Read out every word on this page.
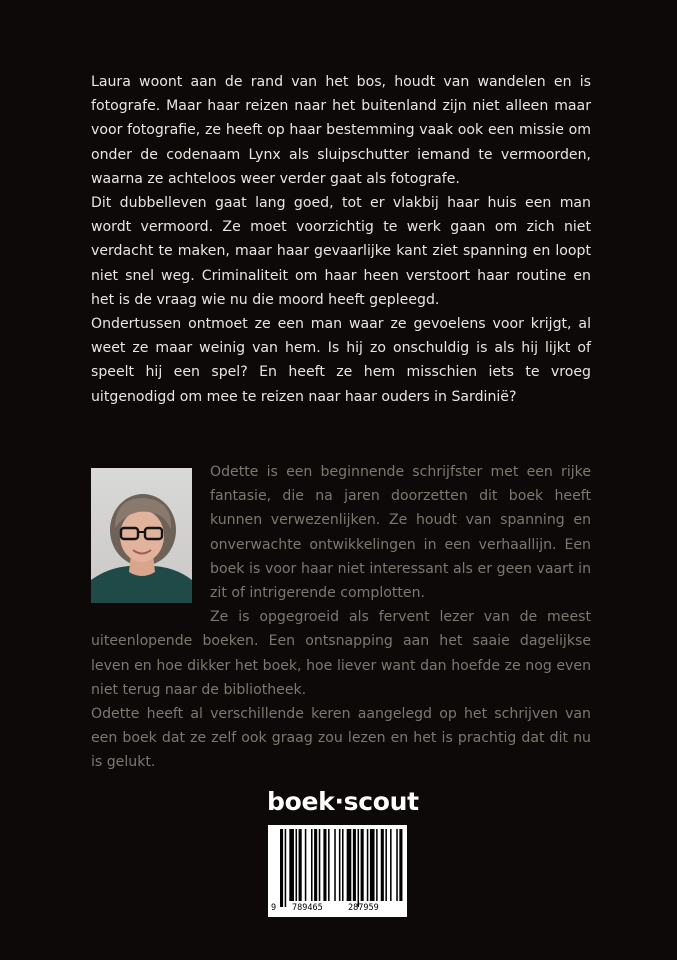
Laura woont aan de rand van het bos, houdt van wandelen en is fotografe. Maar haar reizen naar het buitenland zijn niet alleen maar voor fotografie, ze heeft op haar bestemming vaak ook een missie om onder de codenaam Lynx als sluipschutter iemand te vermoorden, waarna ze achteloos weer verder gaat als fotografe.

Dit dubbelleven gaat lang goed, tot er vlakbij haar huis een man wordt vermoord. Ze moet voorzichtig te werk gaan om zich niet verdacht te maken, maar haar gevaarlijke kant ziet spanning en loopt niet snel weg. Criminaliteit om haar heen verstoort haar routine en het is de vraag wie nu die moord heeft gepleegd.

Ondertussen ontmoet ze een man waar ze gevoelens voor krijgt, al weet ze maar weinig van hem. Is hij zo onschuldig is als hij lijkt of speelt hij een spel? En heeft ze hem misschien iets te vroeg uitgenodigd om mee te reizen naar haar ouders in Sardinië?

Odette is een beginnende schrijfster met een rijke fantasie, die na jaren doorzetten dit boek heeft kunnen verwezenlijken. Ze houdt van spanning en onverwachte ontwikkelingen in een verhaallijn. Een boek is voor haar niet interessant als er geen vaart in zit of intrigerende complotten.

Ze is opgegroeid als fervent lezer van de meest uiteenlopende boeken. Een ontsnapping aan het saaie dagelijkse leven en hoe dikker het boek, hoe liever want dan hoefde ze nog even niet terug naar de bibliotheek.

Odette heeft al verschillende keren aangelegd op het schrijven van een boek dat ze zelf ook graag zou lezen en het is prachtig dat dit nu is gelukt.

boek·scout
9 789465	287959
